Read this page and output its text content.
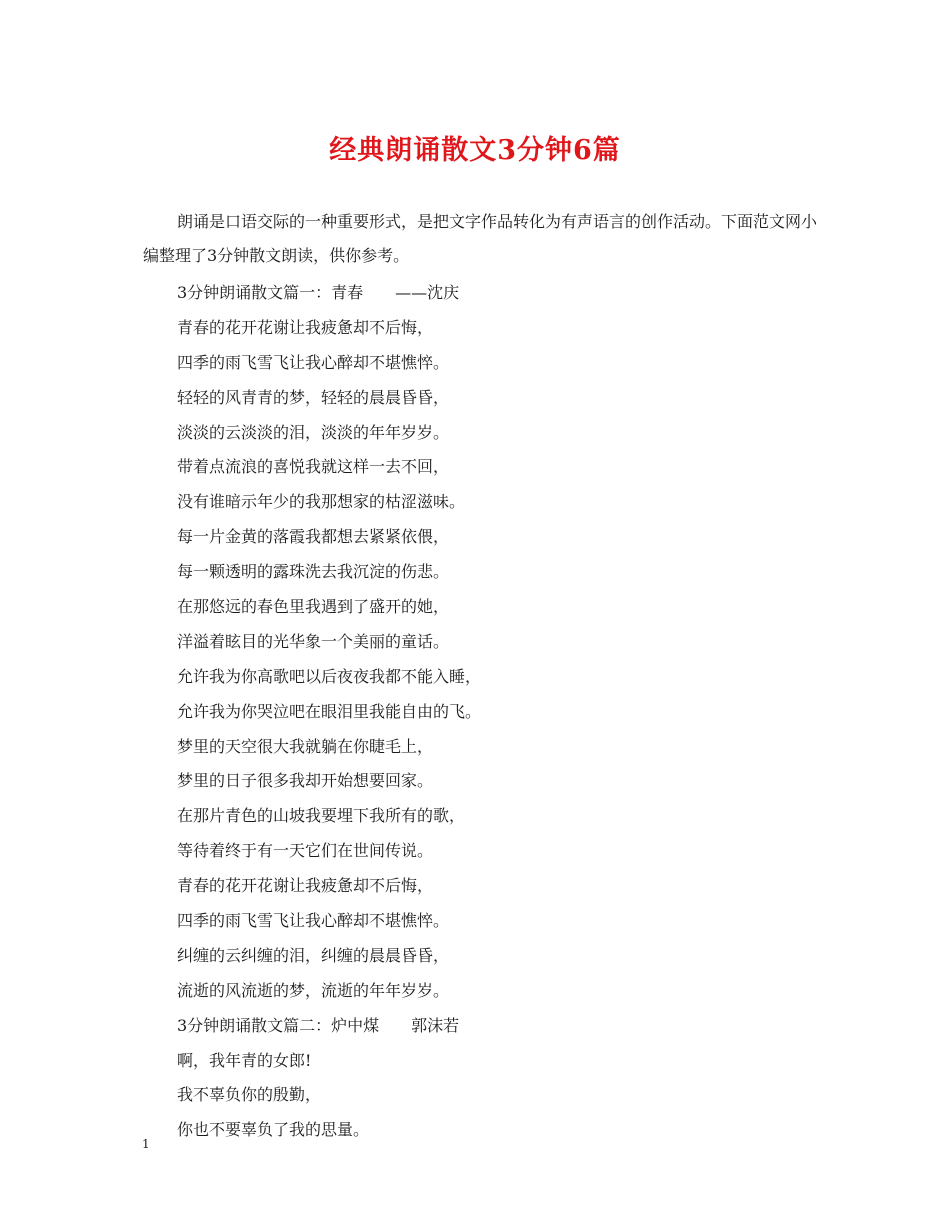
经典朗诵散文3分钟6篇
朗诵是口语交际的一种重要形式，是把文字作品转化为有声语言的创作活动。下面范文网小编整理了3分钟散文朗读，供你参考。
3分钟朗诵散文篇一：青春　　——沈庆
青春的花开花谢让我疲惫却不后悔，
四季的雨飞雪飞让我心醉却不堪憔悴。
轻轻的风青青的梦，轻轻的晨晨昏昏，
淡淡的云淡淡的泪，淡淡的年年岁岁。
带着点流浪的喜悦我就这样一去不回，
没有谁暗示年少的我那想家的枯涩滋味。
每一片金黄的落霞我都想去紧紧依偎，
每一颗透明的露珠洗去我沉淀的伤悲。
在那悠远的春色里我遇到了盛开的她，
洋溢着眩目的光华象一个美丽的童话。
允许我为你高歌吧以后夜夜我都不能入睡，
允许我为你哭泣吧在眼泪里我能自由的飞。
梦里的天空很大我就躺在你睫毛上，
梦里的日子很多我却开始想要回家。
在那片青色的山坡我要埋下我所有的歌，
等待着终于有一天它们在世间传说。
青春的花开花谢让我疲惫却不后悔，
四季的雨飞雪飞让我心醉却不堪憔悴。
纠缠的云纠缠的泪，纠缠的晨晨昏昏，
流逝的风流逝的梦，流逝的年年岁岁。
3分钟朗诵散文篇二：炉中煤　　郭沫若
啊，我年青的女郎!
我不辜负你的殷勤，
你也不要辜负了我的思量。
1
